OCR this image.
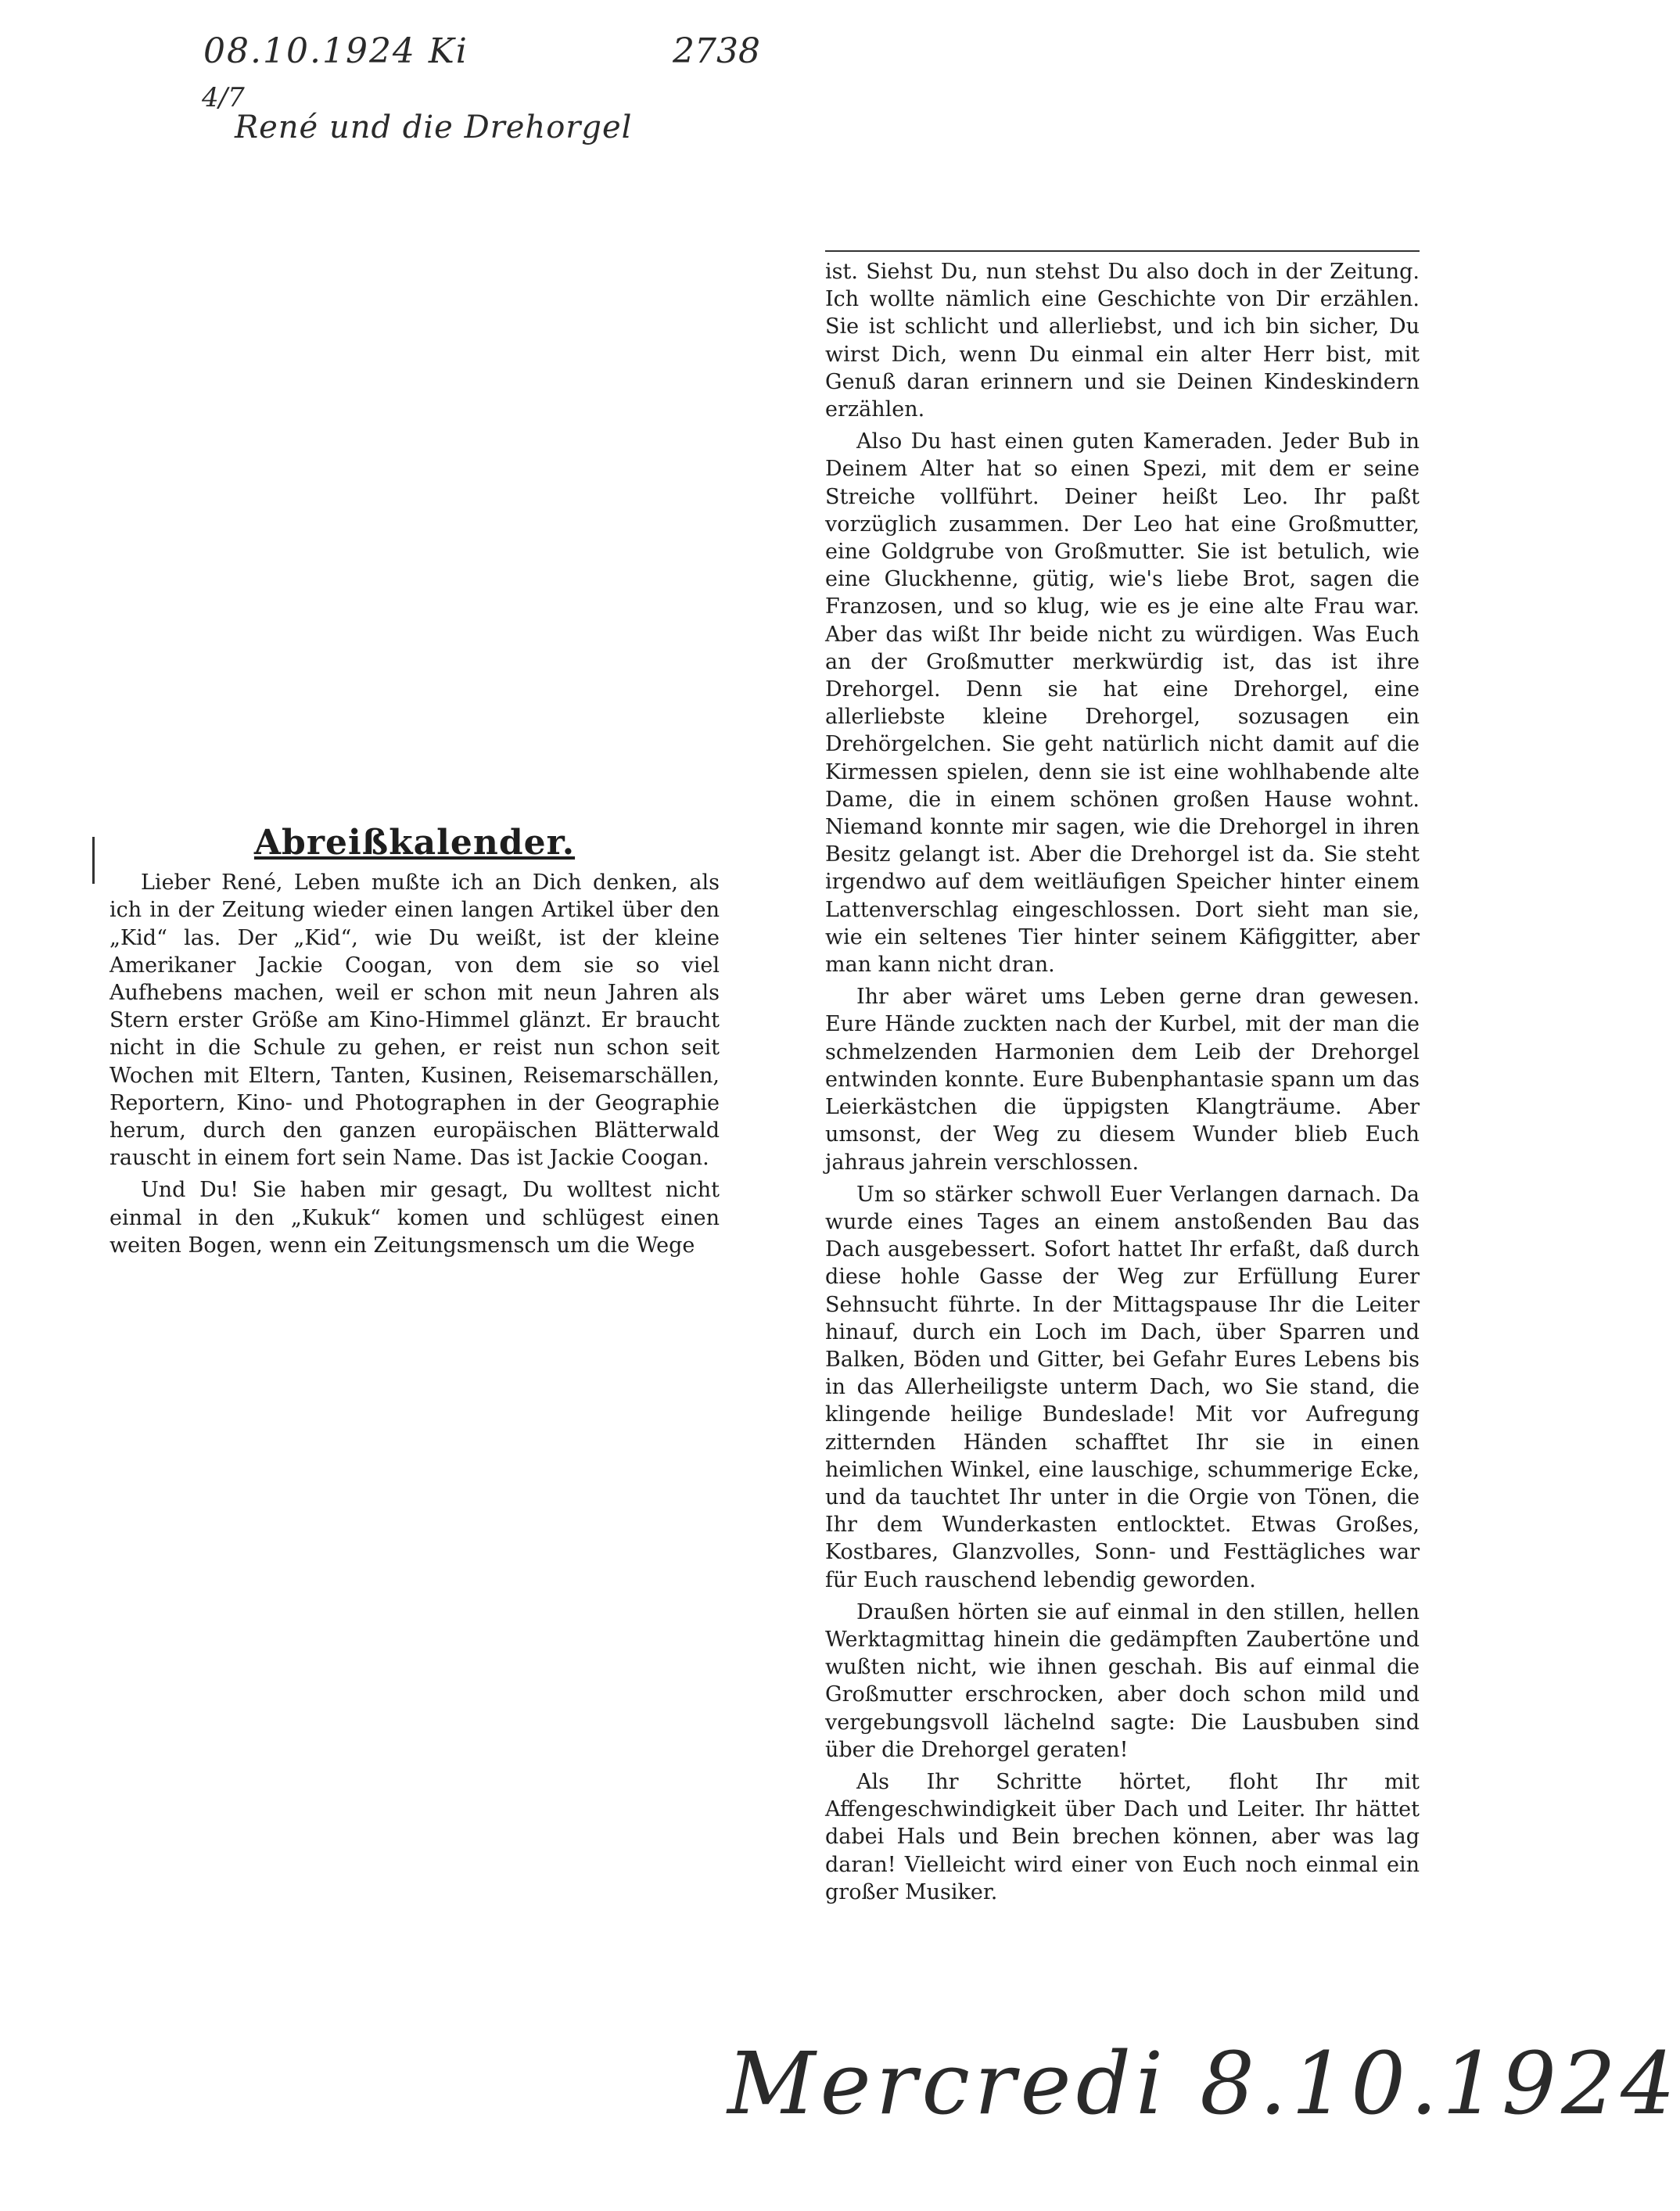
08.10.1924 Ki	2738
4/7
René und die Drehorgel
Abreißkalender.

Lieber René, Leben mußte ich an Dich denken, als ich in der Zeitung wieder einen langen Artikel über den „Kid“ las. Der „Kid“, wie Du weißt, ist der kleine Amerikaner Jackie Coogan, von dem sie so viel Aufhebens machen, weil er schon mit neun Jahren als Stern erster Größe am Kino-Himmel glänzt. Er braucht nicht in die Schule zu gehen, er reist nun schon seit Wochen mit Eltern, Tanten, Kusinen, Reisemarschällen, Reportern, Kino- und Photographen in der Geographie herum, durch den ganzen europäischen Blätterwald rauscht in einem fort sein Name. Das ist Jackie Coogan.

Und Du! Sie haben mir gesagt, Du wolltest nicht einmal in den „Kukuk“ komen und schlügest einen weiten Bogen, wenn ein Zeitungsmensch um die Wege

ist. Siehst Du, nun stehst Du also doch in der Zeitung. Ich wollte nämlich eine Geschichte von Dir erzählen. Sie ist schlicht und allerliebst, und ich bin sicher, Du wirst Dich, wenn Du einmal ein alter Herr bist, mit Genuß daran erinnern und sie Deinen Kindeskindern erzählen.

Also Du hast einen guten Kameraden. Jeder Bub in Deinem Alter hat so einen Spezi, mit dem er seine Streiche vollführt. Deiner heißt Leo. Ihr paßt vorzüglich zusammen. Der Leo hat eine Großmutter, eine Goldgrube von Großmutter. Sie ist betulich, wie eine Gluckhenne, gütig, wie's liebe Brot, sagen die Franzosen, und so klug, wie es je eine alte Frau war. Aber das wißt Ihr beide nicht zu würdigen. Was Euch an der Großmutter merkwürdig ist, das ist ihre Drehorgel. Denn sie hat eine Drehorgel, eine allerliebste kleine Drehorgel, sozusagen ein Drehörgelchen. Sie geht natürlich nicht damit auf die Kirmessen spielen, denn sie ist eine wohlhabende alte Dame, die in einem schönen großen Hause wohnt. Niemand konnte mir sagen, wie die Drehorgel in ihren Besitz gelangt ist. Aber die Drehorgel ist da. Sie steht irgendwo auf dem weitläufigen Speicher hinter einem Lattenverschlag eingeschlossen. Dort sieht man sie, wie ein seltenes Tier hinter seinem Käfiggitter, aber man kann nicht dran.

Ihr aber wäret ums Leben gerne dran gewesen. Eure Hände zuckten nach der Kurbel, mit der man die schmelzenden Harmonien dem Leib der Drehorgel entwinden konnte. Eure Bubenphantasie spann um das Leierkästchen die üppigsten Klangträume. Aber umsonst, der Weg zu diesem Wunder blieb Euch jahraus jahrein verschlossen.

Um so stärker schwoll Euer Verlangen darnach. Da wurde eines Tages an einem anstoßenden Bau das Dach ausgebessert. Sofort hattet Ihr erfaßt, daß durch diese hohle Gasse der Weg zur Erfüllung Eurer Sehnsucht führte. In der Mittagspause Ihr die Leiter hinauf, durch ein Loch im Dach, über Sparren und Balken, Böden und Gitter, bei Gefahr Eures Lebens bis in das Allerheiligste unterm Dach, wo Sie stand, die klingende heilige Bundeslade! Mit vor Aufregung zitternden Händen schafftet Ihr sie in einen heimlichen Winkel, eine lauschige, schummerige Ecke, und da tauchtet Ihr unter in die Orgie von Tönen, die Ihr dem Wunderkasten entlocktet. Etwas Großes, Kostbares, Glanzvolles, Sonn- und Festtägliches war für Euch rauschend lebendig geworden.

Draußen hörten sie auf einmal in den stillen, hellen Werktagmittag hinein die gedämpften Zaubertöne und wußten nicht, wie ihnen geschah. Bis auf einmal die Großmutter erschrocken, aber doch schon mild und vergebungsvoll lächelnd sagte: Die Lausbuben sind über die Drehorgel geraten!

Als Ihr Schritte hörtet, floht Ihr mit Affengeschwindigkeit über Dach und Leiter. Ihr hättet dabei Hals und Bein brechen können, aber was lag daran! Vielleicht wird einer von Euch noch einmal ein großer Musiker.

Mercredi 8.10.1924
